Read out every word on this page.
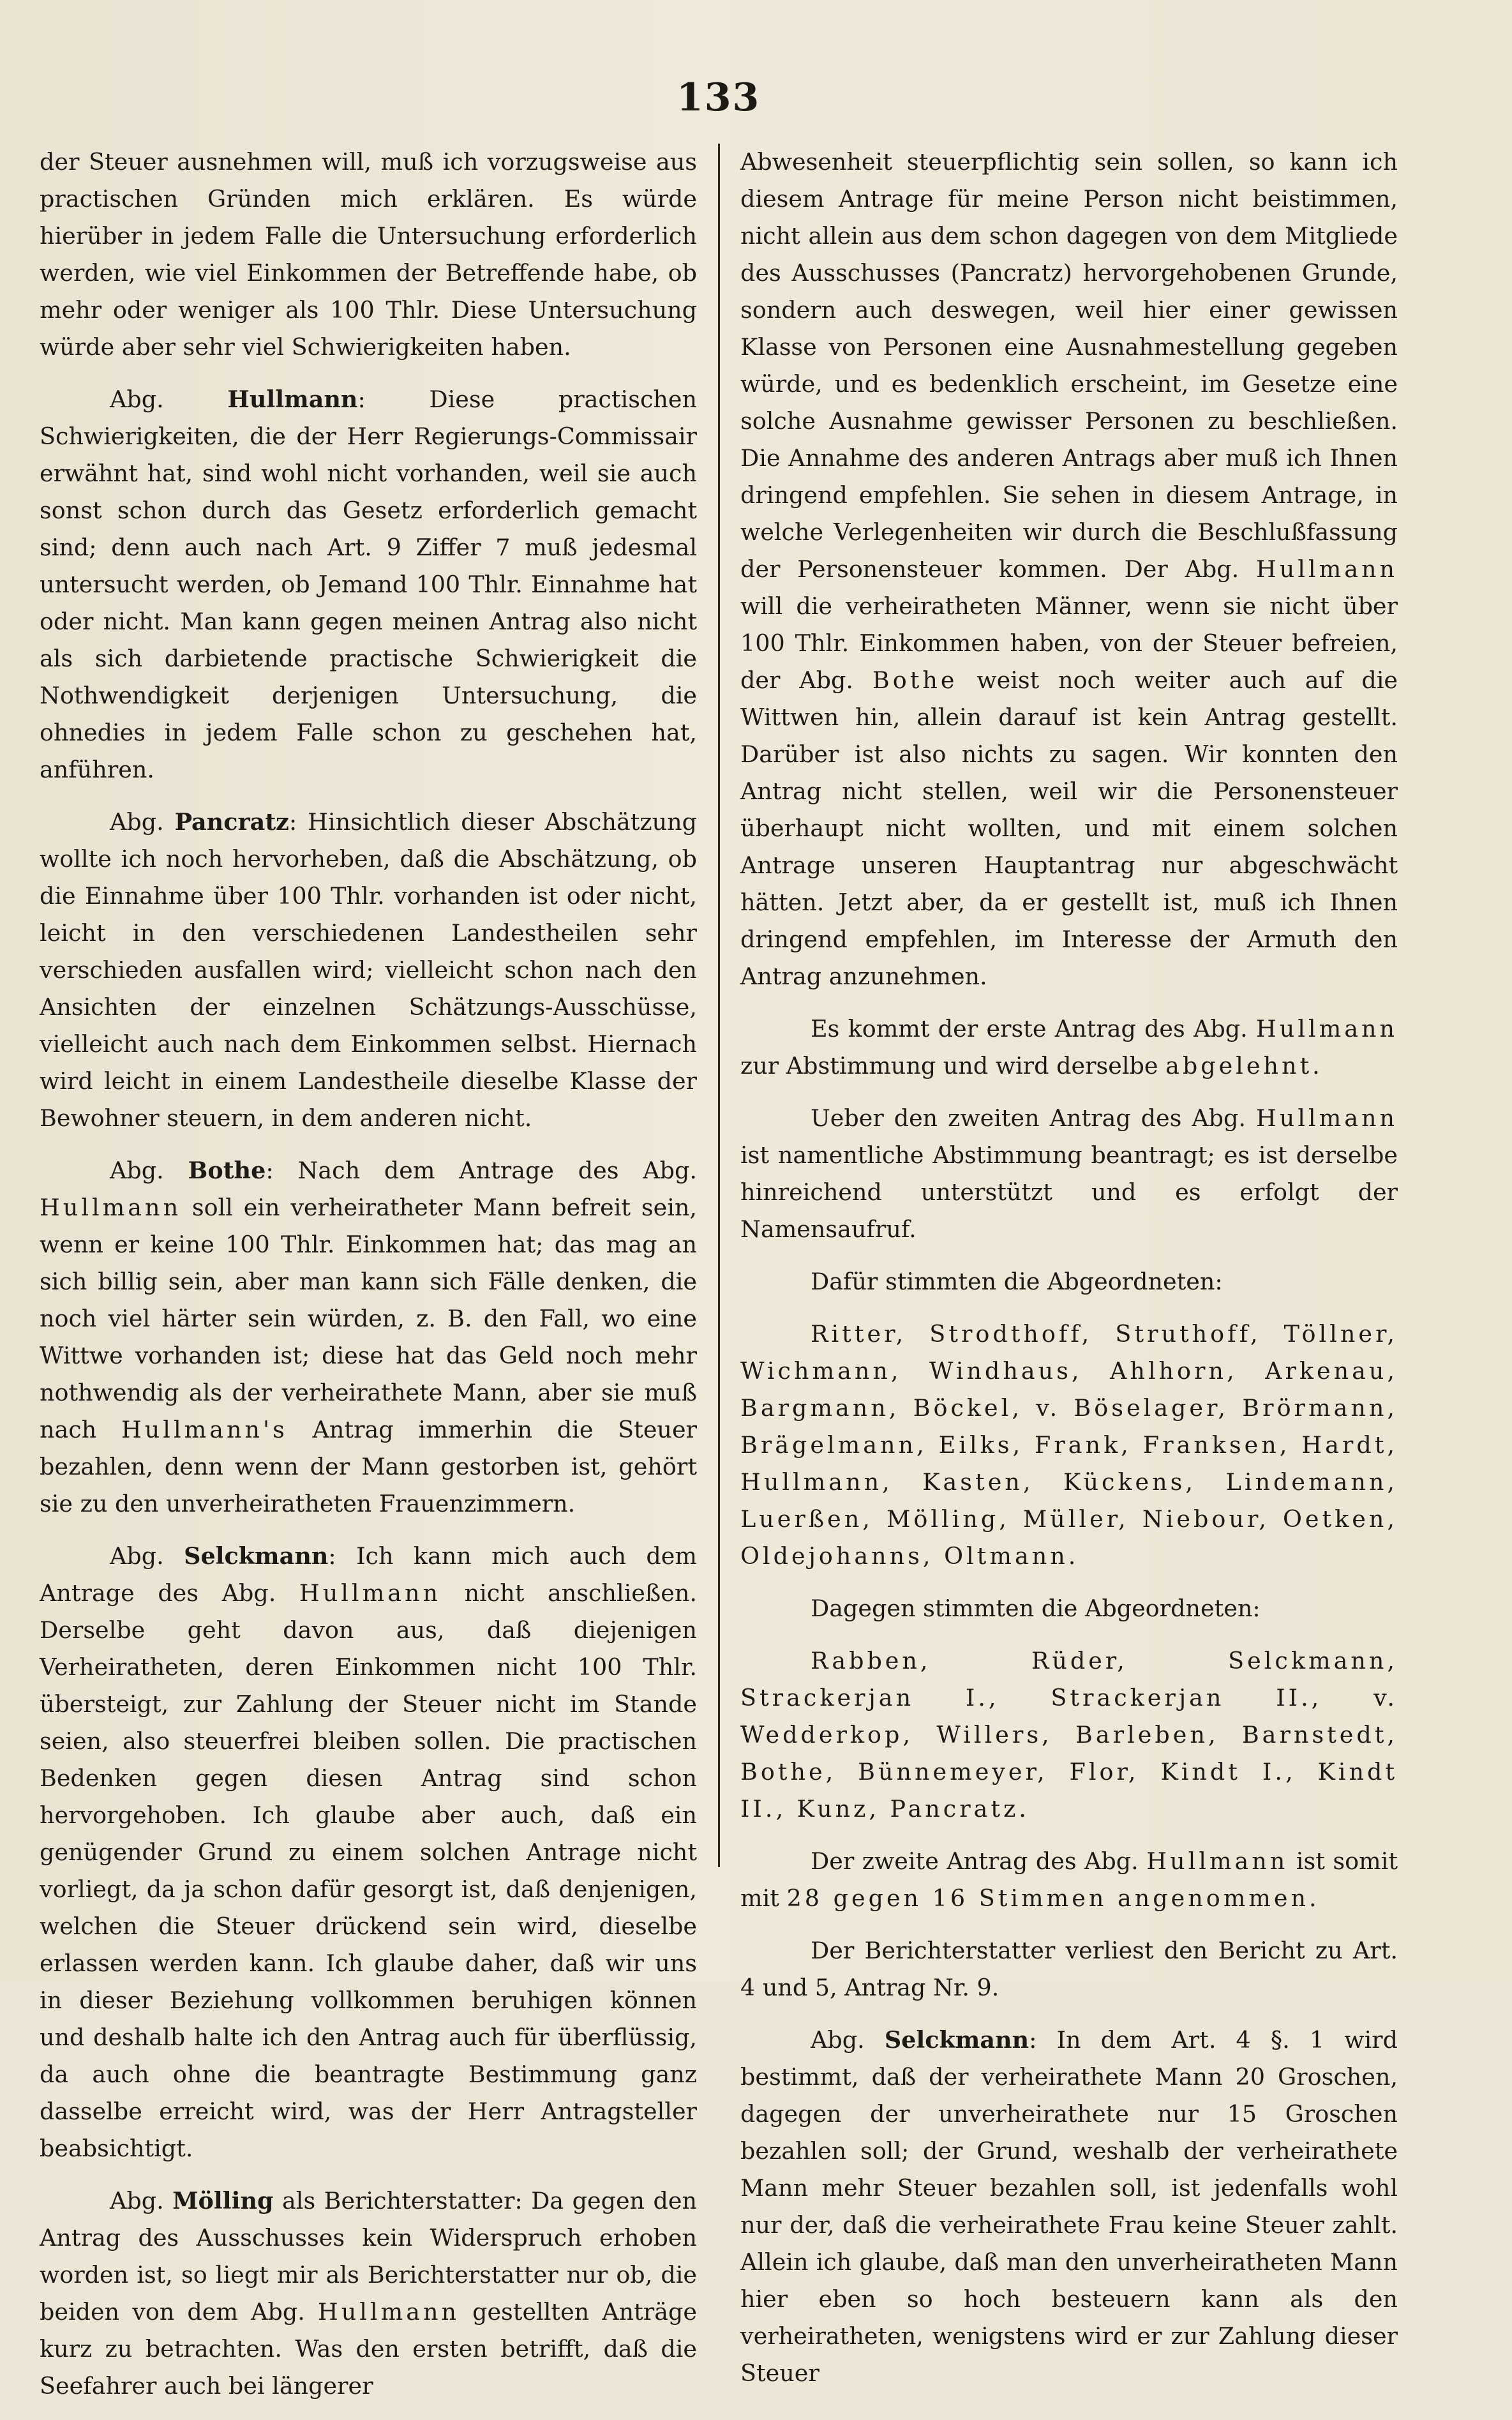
133

der Steuer ausnehmen will, muß ich vorzugsweise aus practischen Gründen mich erklären. Es würde hierüber in jedem Falle die Untersuchung erforderlich werden, wie viel Einkommen der Betreffende habe, ob mehr oder weniger als 100 Thlr. Diese Untersuchung würde aber sehr viel Schwierigkeiten haben.

Abg. Hullmann: Diese practischen Schwierigkeiten, die der Herr Regierungs-Commissair erwähnt hat, sind wohl nicht vorhanden, weil sie auch sonst schon durch das Gesetz erforderlich gemacht sind; denn auch nach Art. 9 Ziffer 7 muß jedesmal untersucht werden, ob Jemand 100 Thlr. Einnahme hat oder nicht. Man kann gegen meinen Antrag also nicht als sich darbietende practische Schwierigkeit die Nothwendigkeit derjenigen Untersuchung, die ohnedies in jedem Falle schon zu geschehen hat, anführen.

Abg. Pancratz: Hinsichtlich dieser Abschätzung wollte ich noch hervorheben, daß die Abschätzung, ob die Einnahme über 100 Thlr. vorhanden ist oder nicht, leicht in den verschiedenen Landestheilen sehr verschieden ausfallen wird; vielleicht schon nach den Ansichten der einzelnen Schätzungs-Ausschüsse, vielleicht auch nach dem Einkommen selbst. Hiernach wird leicht in einem Landestheile dieselbe Klasse der Bewohner steuern, in dem anderen nicht.

Abg. Bothe: Nach dem Antrage des Abg. Hullmann soll ein verheiratheter Mann befreit sein, wenn er keine 100 Thlr. Einkommen hat; das mag an sich billig sein, aber man kann sich Fälle denken, die noch viel härter sein würden, z. B. den Fall, wo eine Wittwe vorhanden ist; diese hat das Geld noch mehr nothwendig als der verheirathete Mann, aber sie muß nach Hullmann's Antrag immerhin die Steuer bezahlen, denn wenn der Mann gestorben ist, gehört sie zu den unverheiratheten Frauenzimmern.

Abg. Selckmann: Ich kann mich auch dem Antrage des Abg. Hullmann nicht anschließen. Derselbe geht davon aus, daß diejenigen Verheiratheten, deren Einkommen nicht 100 Thlr. übersteigt, zur Zahlung der Steuer nicht im Stande seien, also steuerfrei bleiben sollen. Die practischen Bedenken gegen diesen Antrag sind schon hervorgehoben. Ich glaube aber auch, daß ein genügender Grund zu einem solchen Antrage nicht vorliegt, da ja schon dafür gesorgt ist, daß denjenigen, welchen die Steuer drückend sein wird, dieselbe erlassen werden kann. Ich glaube daher, daß wir uns in dieser Beziehung vollkommen beruhigen können und deshalb halte ich den Antrag auch für überflüssig, da auch ohne die beantragte Bestimmung ganz dasselbe erreicht wird, was der Herr Antragsteller beabsichtigt.

Abg. Mölling als Berichterstatter: Da gegen den Antrag des Ausschusses kein Widerspruch erhoben worden ist, so liegt mir als Berichterstatter nur ob, die beiden von dem Abg. Hullmann gestellten Anträge kurz zu betrachten. Was den ersten betrifft, daß die Seefahrer auch bei längerer

Abwesenheit steuerpflichtig sein sollen, so kann ich diesem Antrage für meine Person nicht beistimmen, nicht allein aus dem schon dagegen von dem Mitgliede des Ausschusses (Pancratz) hervorgehobenen Grunde, sondern auch deswegen, weil hier einer gewissen Klasse von Personen eine Ausnahmestellung gegeben würde, und es bedenklich erscheint, im Gesetze eine solche Ausnahme gewisser Personen zu beschließen. Die Annahme des anderen Antrags aber muß ich Ihnen dringend empfehlen. Sie sehen in diesem Antrage, in welche Verlegenheiten wir durch die Beschlußfassung der Personensteuer kommen. Der Abg. Hullmann will die verheiratheten Männer, wenn sie nicht über 100 Thlr. Einkommen haben, von der Steuer befreien, der Abg. Bothe weist noch weiter auch auf die Wittwen hin, allein darauf ist kein Antrag gestellt. Darüber ist also nichts zu sagen. Wir konnten den Antrag nicht stellen, weil wir die Personensteuer überhaupt nicht wollten, und mit einem solchen Antrage unseren Hauptantrag nur abgeschwächt hätten. Jetzt aber, da er gestellt ist, muß ich Ihnen dringend empfehlen, im Interesse der Armuth den Antrag anzunehmen.

Es kommt der erste Antrag des Abg. Hullmann zur Abstimmung und wird derselbe abgelehnt.

Ueber den zweiten Antrag des Abg. Hullmann ist namentliche Abstimmung beantragt; es ist derselbe hinreichend unterstützt und es erfolgt der Namensaufruf.

Dafür stimmten die Abgeordneten:

Ritter, Strodthoff, Struthoff, Töllner, Wichmann, Windhaus, Ahlhorn, Arkenau, Bargmann, Böckel, v. Böselager, Brörmann, Brägelmann, Eilks, Frank, Franksen, Hardt, Hullmann, Kasten, Kückens, Lindemann, Luerßen, Mölling, Müller, Niebour, Oetken, Oldejohanns, Oltmann.

Dagegen stimmten die Abgeordneten:

Rabben, Rüder, Selckmann, Strackerjan I., Strackerjan II., v. Wedderkop, Willers, Barleben, Barnstedt, Bothe, Bünnemeyer, Flor, Kindt I., Kindt II., Kunz, Pancratz.

Der zweite Antrag des Abg. Hullmann ist somit mit 28 gegen 16 Stimmen angenommen.

Der Berichterstatter verliest den Bericht zu Art. 4 und 5, Antrag Nr. 9.

Abg. Selckmann: In dem Art. 4 §. 1 wird bestimmt, daß der verheirathete Mann 20 Groschen, dagegen der unverheirathete nur 15 Groschen bezahlen soll; der Grund, weshalb der verheirathete Mann mehr Steuer bezahlen soll, ist jedenfalls wohl nur der, daß die verheirathete Frau keine Steuer zahlt. Allein ich glaube, daß man den unverheiratheten Mann hier eben so hoch besteuern kann als den verheiratheten, wenigstens wird er zur Zahlung dieser Steuer
